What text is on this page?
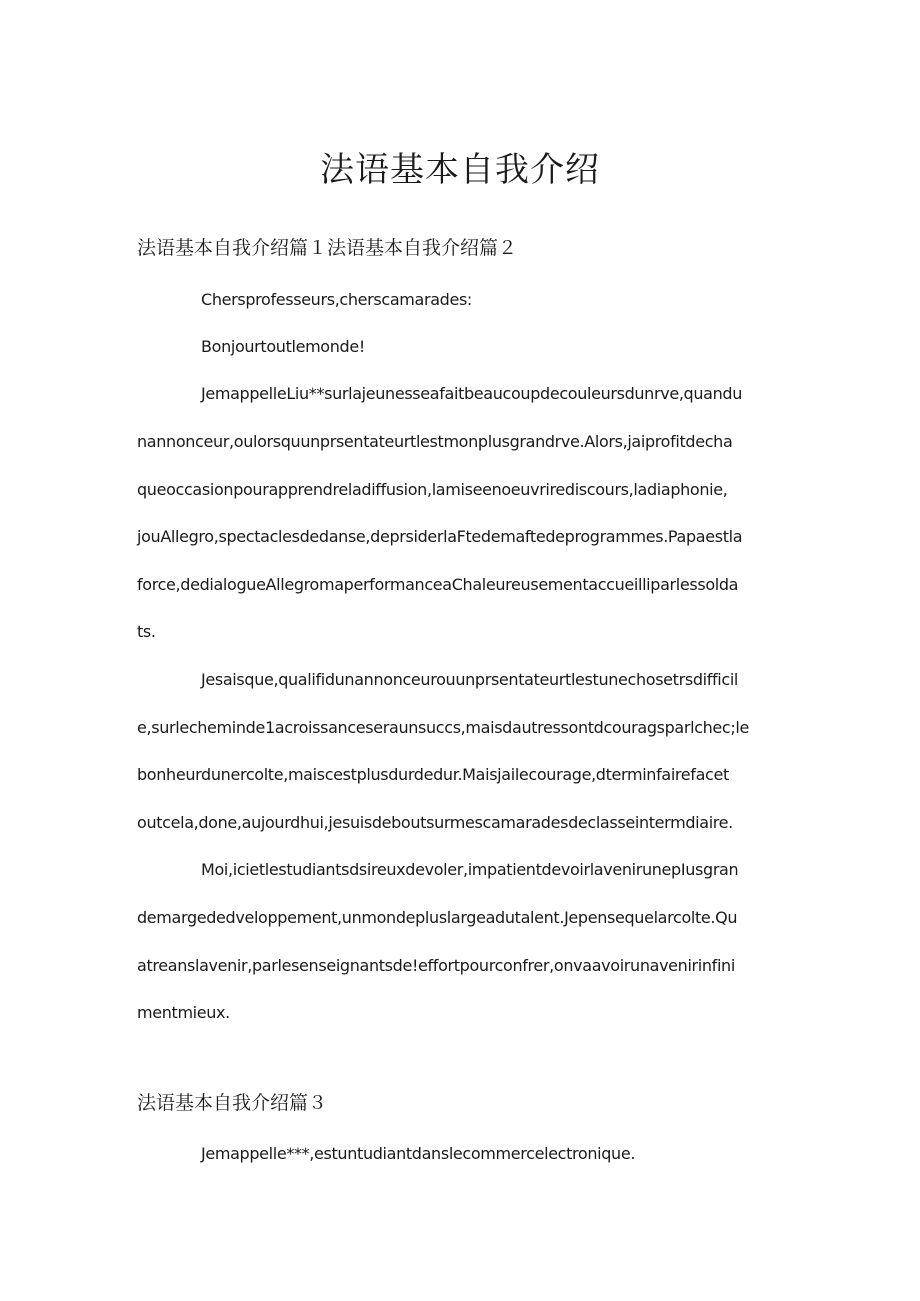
法语基本自我介绍
法语基本自我介绍篇１法语基本自我介绍篇２

Chersprofesseurs,cherscamarades:

Bonjourtoutlemonde!

JemappelleLiu**surlajeunesseafaitbeaucoupdecouleursdunrve,quandu

nannonceur,oulorsquunprsentateurtlestmonplusgrandrve.Alors,jaiprofitdecha

queoccasionpourapprendreladiffusion,lamiseenoeuvrirediscours,ladiaphonie,

jouAllegro,spectaclesdedanse,deprsiderlaFtedemaftedeprogrammes.Papaestla

force,dedialogueAllegromaperformanceaChaleureusementaccueilliparlessolda

ts.

Jesaisque,qualifidunannonceurouunprsentateurtlestunechosetrsdifficil

e,surlecheminde1acroissanceseraunsuccs,maisdautressontdcouragsparlchec;le

bonheurdunercolte,maiscestplusdurdedur.Maisjailecourage,dterminfairefacet

outcela,done,aujourdhui,jesuisdeboutsurmescamaradesdeclasseintermdiaire.

Moi,icietlestudiantsdsireuxdevoler,impatientdevoirlavenirunepIusgran

demargededveloppement,unmondepluslargeadutalent.Jepensequelarcolte.Qu

atreanslavenir,parlesenseignantsde!effortpourconfrer,onvaavoirunavenirinfini

mentmieux.

法语基本自我介绍篇３

Jemappelle***,estuntudiantdanslecommercelectronique.
